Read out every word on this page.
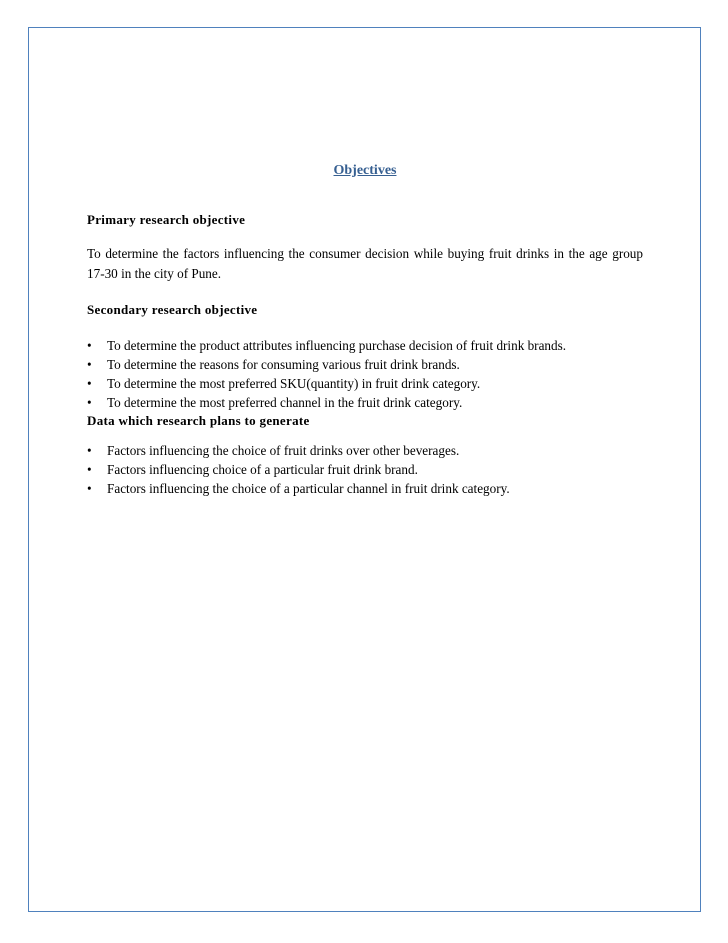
Objectives
Primary research objective
To determine the factors influencing the consumer decision while buying fruit drinks in the age group 17-30 in the city of Pune.
Secondary research objective
• To determine the product attributes influencing purchase decision of fruit drink brands.
• To determine the reasons for consuming various fruit drink brands.
• To determine the most preferred SKU(quantity) in fruit drink category.
• To determine the most preferred channel in the fruit drink category.
Data which research plans to generate
• Factors influencing the choice of fruit drinks over other beverages.
• Factors influencing choice of a particular fruit drink brand.
• Factors influencing the choice of a particular channel in fruit drink category.
